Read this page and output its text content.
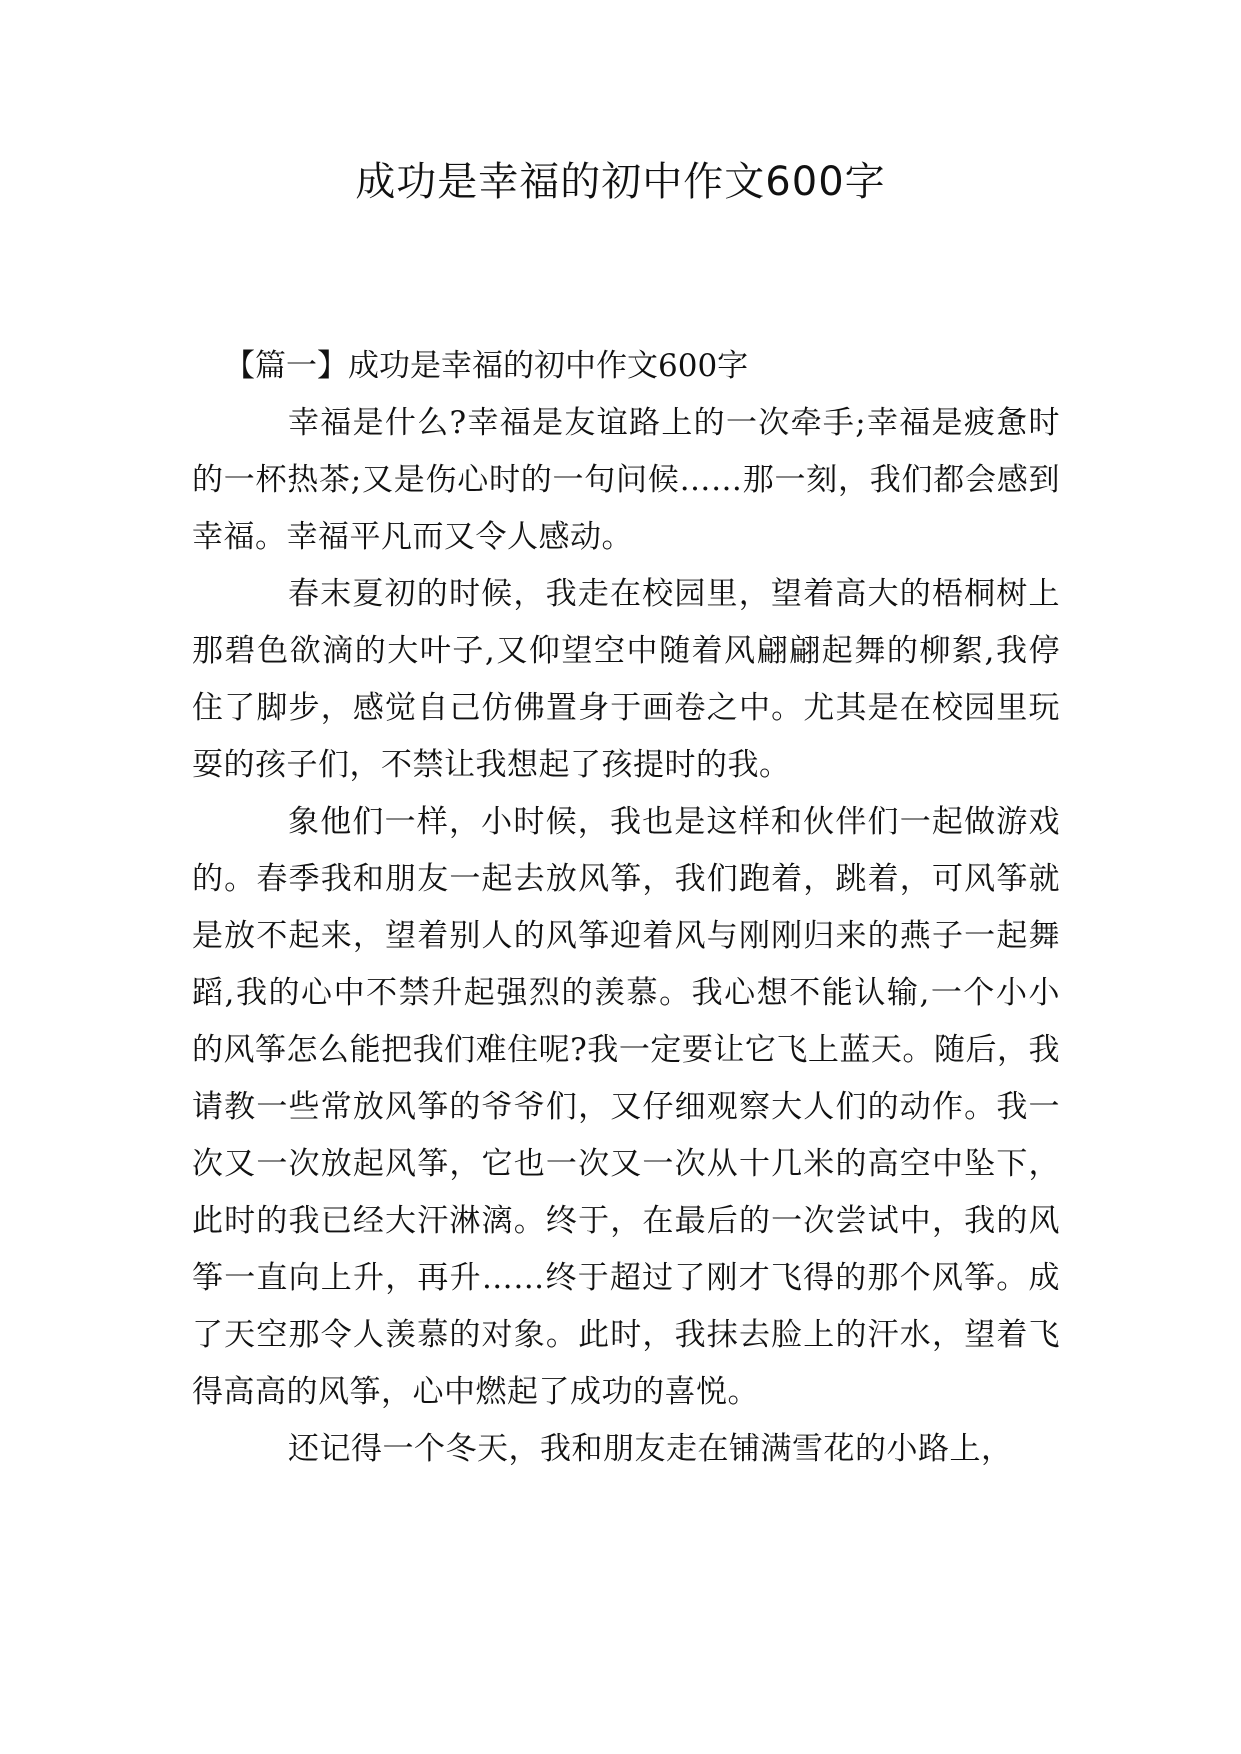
成功是幸福的初中作文600字

【篇一】成功是幸福的初中作文600字

幸福是什么?幸福是友谊路上的一次牵手;幸福是疲惫时的一杯热茶;又是伤心时的一句问候……那一刻，我们都会感到幸福。幸福平凡而又令人感动。

春末夏初的时候，我走在校园里，望着高大的梧桐树上那碧色欲滴的大叶子,又仰望空中随着风翩翩起舞的柳絮,我停住了脚步，感觉自己仿佛置身于画卷之中。尤其是在校园里玩耍的孩子们，不禁让我想起了孩提时的我。

象他们一样，小时候，我也是这样和伙伴们一起做游戏的。春季我和朋友一起去放风筝，我们跑着，跳着，可风筝就是放不起来，望着别人的风筝迎着风与刚刚归来的燕子一起舞蹈,我的心中不禁升起强烈的羡慕。我心想不能认输,一个小小的风筝怎么能把我们难住呢?我一定要让它飞上蓝天。随后，我请教一些常放风筝的爷爷们，又仔细观察大人们的动作。我一次又一次放起风筝，它也一次又一次从十几米的高空中坠下，此时的我已经大汗淋漓。终于，在最后的一次尝试中，我的风筝一直向上升，再升……终于超过了刚才飞得的那个风筝。成了天空那令人羡慕的对象。此时，我抹去脸上的汗水，望着飞得高高的风筝，心中燃起了成功的喜悦。

还记得一个冬天，我和朋友走在铺满雪花的小路上，
